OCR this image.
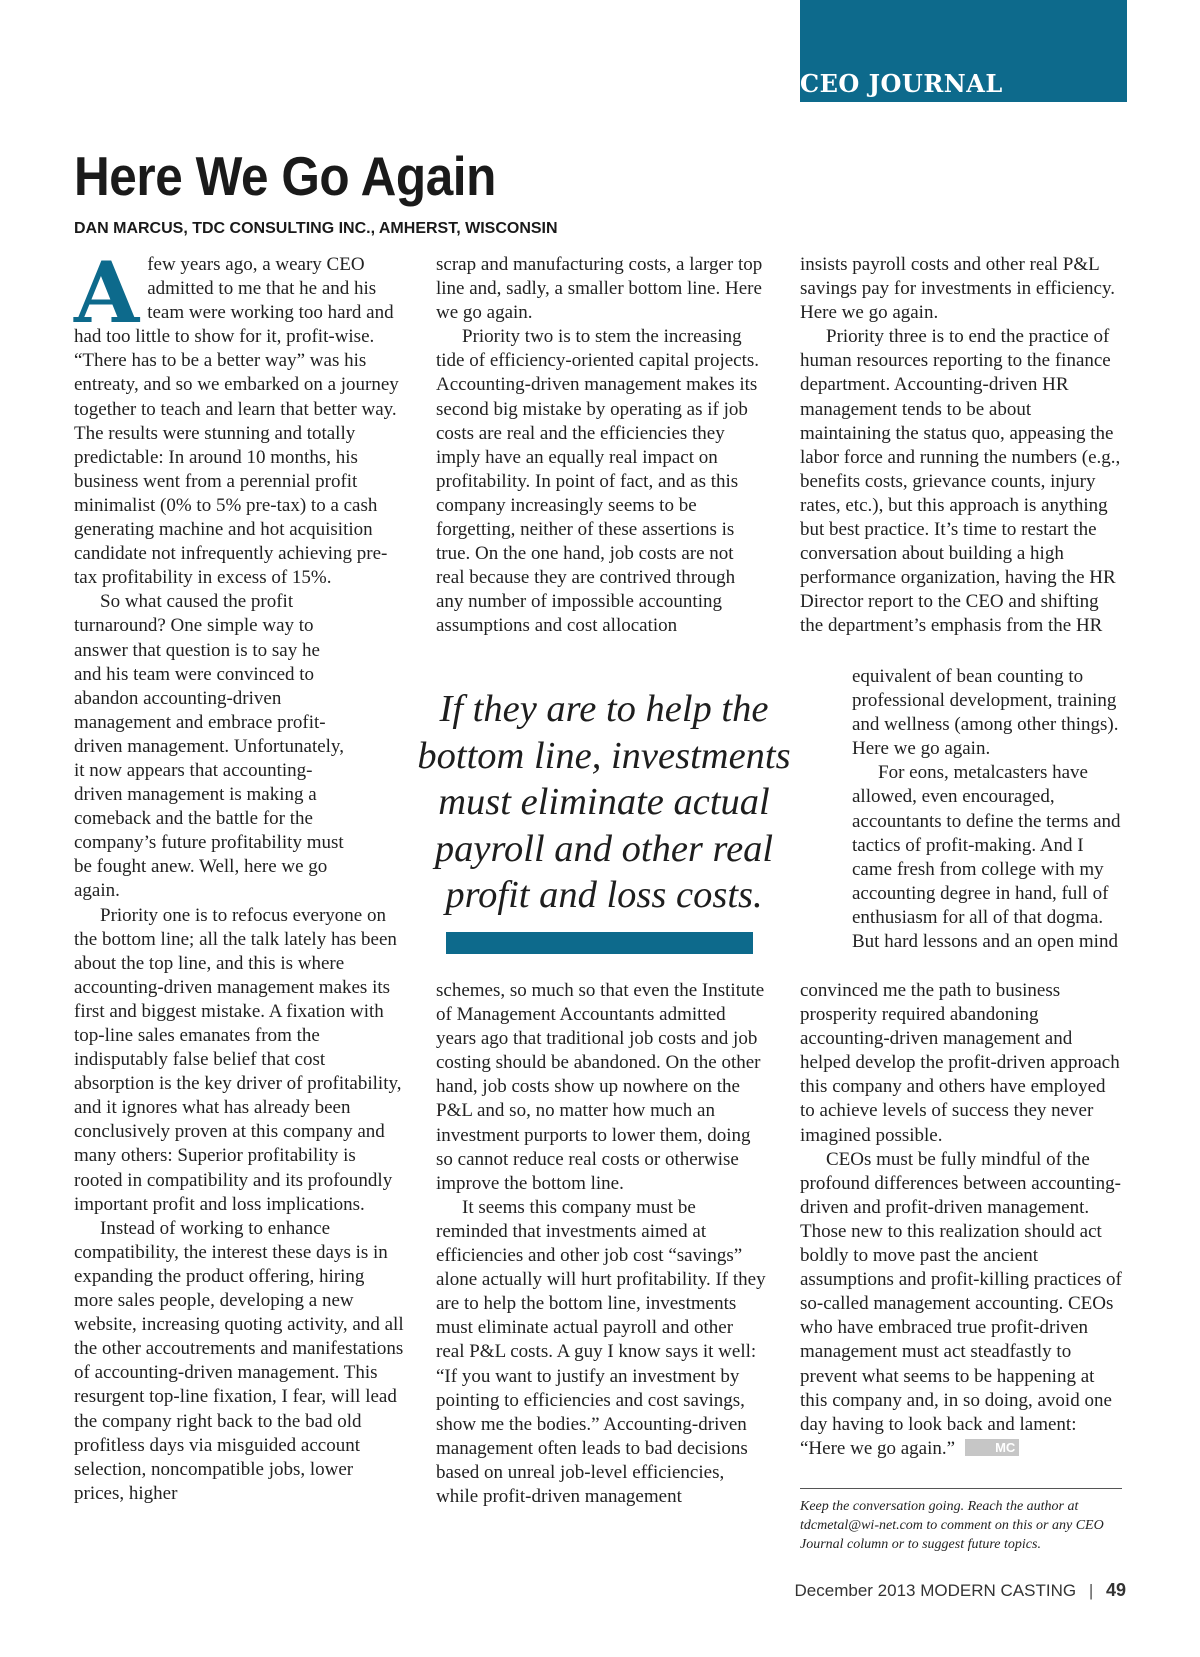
CEO JOURNAL
Here We Go Again
DAN MARCUS, TDC CONSULTING INC., AMHERST, WISCONSIN

Afew years ago, a weary CEO admitted to me that he and his team were working too hard and had too little to show for it, profit-wise. “There has to be a better way” was his entreaty, and so we embarked on a journey together to teach and learn that better way. The results were stunning and totally predictable: In around 10 months, his business went from a perennial profit minimalist (0% to 5% pre-tax) to a cash generating machine and hot acquisition candidate not infrequently achieving pre-tax profitability in excess of 15%.

So what caused the profit turnaround? One simple way to answer that question is to say he and his team were convinced to abandon accounting-driven management and embrace profit-driven management. Unfortunately, it now appears that accounting-driven management is making a comeback and the battle for the company’s future profitability must be fought anew. Well, here we go again.

Priority one is to refocus everyone on the bottom line; all the talk lately has been about the top line, and this is where accounting-driven management makes its first and biggest mistake. A fixation with top-line sales emanates from the indisputably false belief that cost absorption is the key driver of profitability, and it ignores what has already been conclusively proven at this company and many others: Superior profitability is rooted in compatibility and its profoundly important profit and loss implications.

Instead of working to enhance compatibility, the interest these days is in expanding the product offering, hiring more sales people, developing a new website, increasing quoting activity, and all the other accoutrements and manifestations of accounting-driven management. This resurgent top-line fixation, I fear, will lead the company right back to the bad old profitless days via misguided account selection, noncompatible jobs, lower prices, higher

scrap and manufacturing costs, a larger top line and, sadly, a smaller bottom line. Here we go again.

Priority two is to stem the increasing tide of efficiency-oriented capital projects. Accounting-driven management makes its second big mistake by operating as if job costs are real and the efficiencies they imply have an equally real impact on profitability. In point of fact, and as this company increasingly seems to be forgetting, neither of these assertions is true. On the one hand, job costs are not real because they are contrived through any number of impossible accounting assumptions and cost allocation

If they are to help the bottom line, investments must eliminate actual payroll and other real profit and loss costs.

schemes, so much so that even the Institute of Management Accountants admitted years ago that traditional job costs and job costing should be abandoned. On the other hand, job costs show up nowhere on the P&L and so, no matter how much an investment purports to lower them, doing so cannot reduce real costs or otherwise improve the bottom line.

It seems this company must be reminded that investments aimed at efficiencies and other job cost “savings” alone actually will hurt profitability. If they are to help the bottom line, investments must eliminate actual payroll and other real P&L costs. A guy I know says it well: “If you want to justify an investment by pointing to efficiencies and cost savings, show me the bodies.” Accounting-driven management often leads to bad decisions based on unreal job-level efficiencies, while profit-driven management

insists payroll costs and other real P&L savings pay for investments in efficiency. Here we go again.

Priority three is to end the practice of human resources reporting to the finance department. Accounting-driven HR management tends to be about maintaining the status quo, appeasing the labor force and running the numbers (e.g., benefits costs, grievance counts, injury rates, etc.), but this approach is anything but best practice. It’s time to restart the conversation about building a high performance organization, having the HR Director report to the CEO and shifting the department’s emphasis from the HR

equivalent of bean counting to professional development, training and wellness (among other things). Here we go again.

For eons, metalcasters have allowed, even encouraged, accountants to define the terms and tactics of profit-making. And I came fresh from college with my accounting degree in hand, full of enthusiasm for all of that dogma. But hard lessons and an open mind

convinced me the path to business prosperity required abandoning accounting-driven management and helped develop the profit-driven approach this company and others have employed to achieve levels of success they never imagined possible.

CEOs must be fully mindful of the profound differences between accounting-driven and profit-driven management. Those new to this realization should act boldly to move past the ancient assumptions and profit-killing practices of so-called management accounting. CEOs who have embraced true profit-driven management must act steadfastly to prevent what seems to be happening at this company and, in so doing, avoid one day having to look back and lament: “Here we go again.”	MC

Keep the conversation going. Reach the author at tdcmetal@wi-net.com to comment on this or any CEO Journal column or to suggest future topics.
December 2013 MODERN CASTING | 49
